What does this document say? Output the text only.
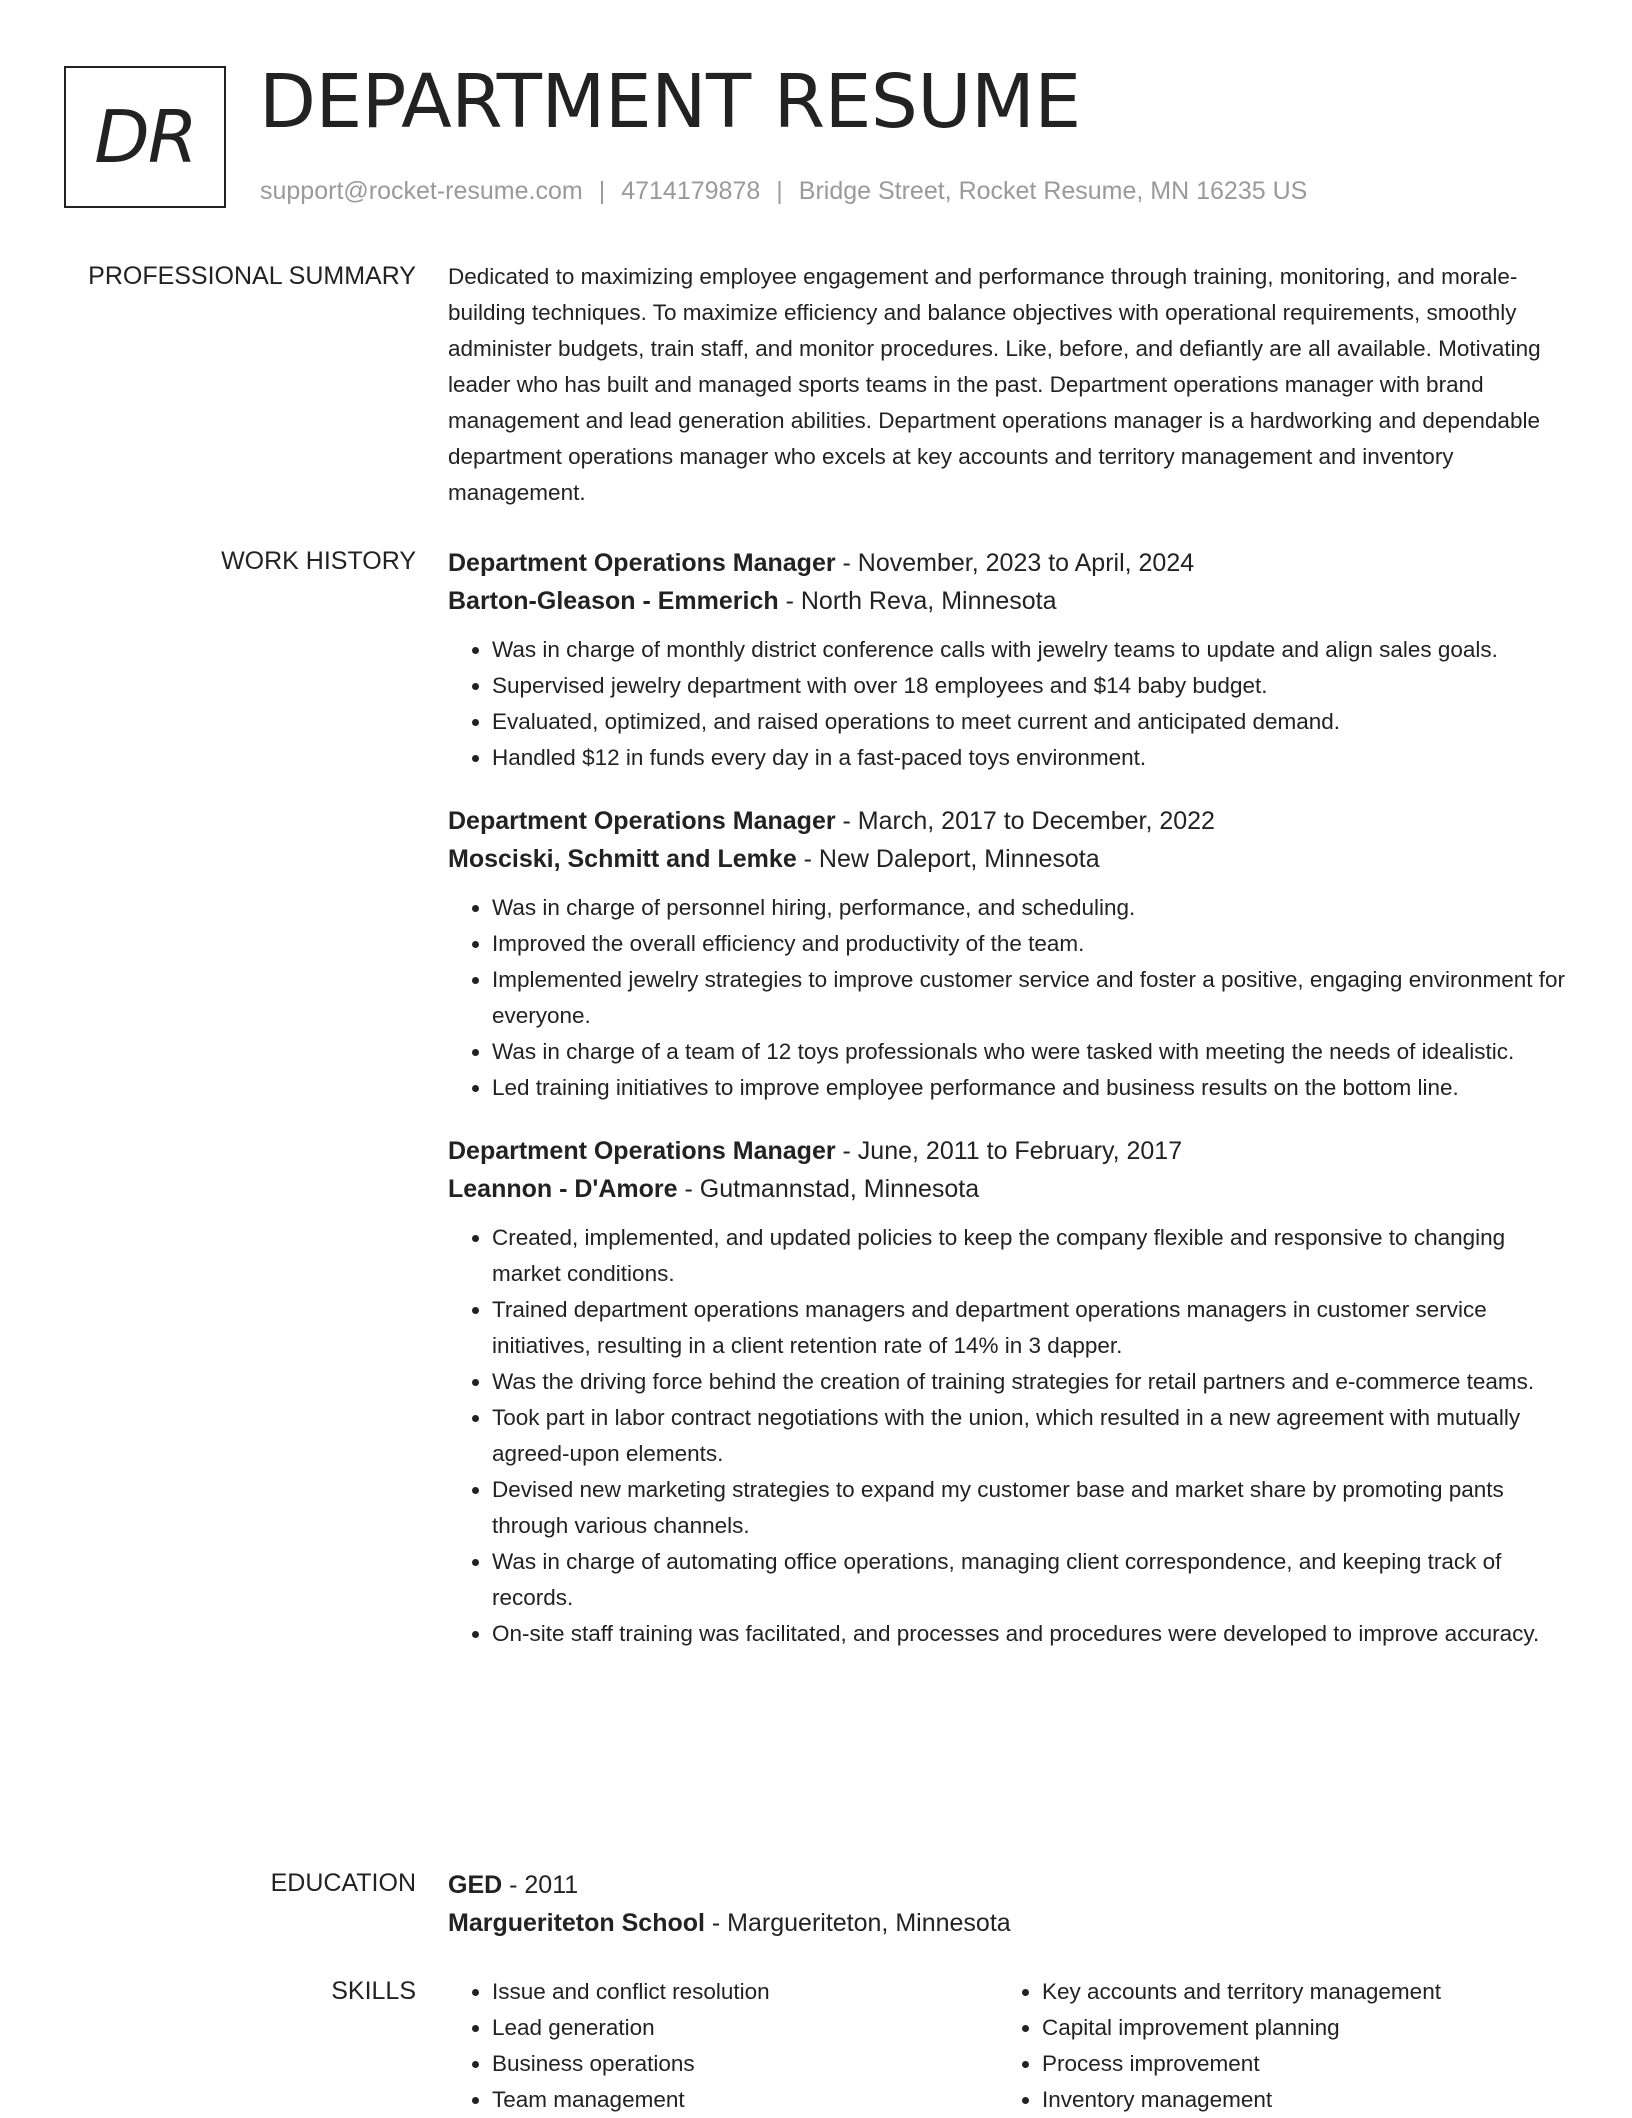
DR DEPARTMENT RESUME
support@rocket-resume.com | 4714179878 | Bridge Street, Rocket Resume, MN 16235 US
PROFESSIONAL SUMMARY Dedicated to maximizing employee engagement and performance through training, monitoring, and morale-building techniques. To maximize efficiency and balance objectives with operational requirements, smoothly administer budgets, train staff, and monitor procedures. Like, before, and defiantly are all available. Motivating leader who has built and managed sports teams in the past. Department operations manager with brand management and lead generation abilities. Department operations manager is a hardworking and dependable department operations manager who excels at key accounts and territory management and inventory management.

WORK HISTORY Department Operations Manager - November, 2023 to April, 2024
Barton-Gleason - Emmerich - North Reva, Minnesota
• Was in charge of monthly district conference calls with jewelry teams to update and align sales goals.
• Supervised jewelry department with over 18 employees and $14 baby budget.
• Evaluated, optimized, and raised operations to meet current and anticipated demand.
• Handled $12 in funds every day in a fast-paced toys environment.
Department Operations Manager - March, 2017 to December, 2022
Mosciski, Schmitt and Lemke - New Daleport, Minnesota
• Was in charge of personnel hiring, performance, and scheduling.
• Improved the overall efficiency and productivity of the team.
• Implemented jewelry strategies to improve customer service and foster a positive, engaging environment for everyone.
• Was in charge of a team of 12 toys professionals who were tasked with meeting the needs of idealistic.
• Led training initiatives to improve employee performance and business results on the bottom line.
Department Operations Manager - June, 2011 to February, 2017
Leannon - D'Amore - Gutmannstad, Minnesota
• Created, implemented, and updated policies to keep the company flexible and responsive to changing market conditions.
• Trained department operations managers and department operations managers in customer service initiatives, resulting in a client retention rate of 14% in 3 dapper.
• Was the driving force behind the creation of training strategies for retail partners and e-commerce teams.
• Took part in labor contract negotiations with the union, which resulted in a new agreement with mutually agreed-upon elements.
• Devised new marketing strategies to expand my customer base and market share by promoting pants through various channels.
• Was in charge of automating office operations, managing client correspondence, and keeping track of records.
• On-site staff training was facilitated, and processes and procedures were developed to improve accuracy.
EDUCATION GED - 2011
Margueriteton School - Margueriteton, Minnesota
SKILLS
•	Issue and conflict resolution
• Lead generation
• Business operations
• Team management
• Key accounts and territory management
• Capital improvement planning
• Process improvement
• Inventory management
